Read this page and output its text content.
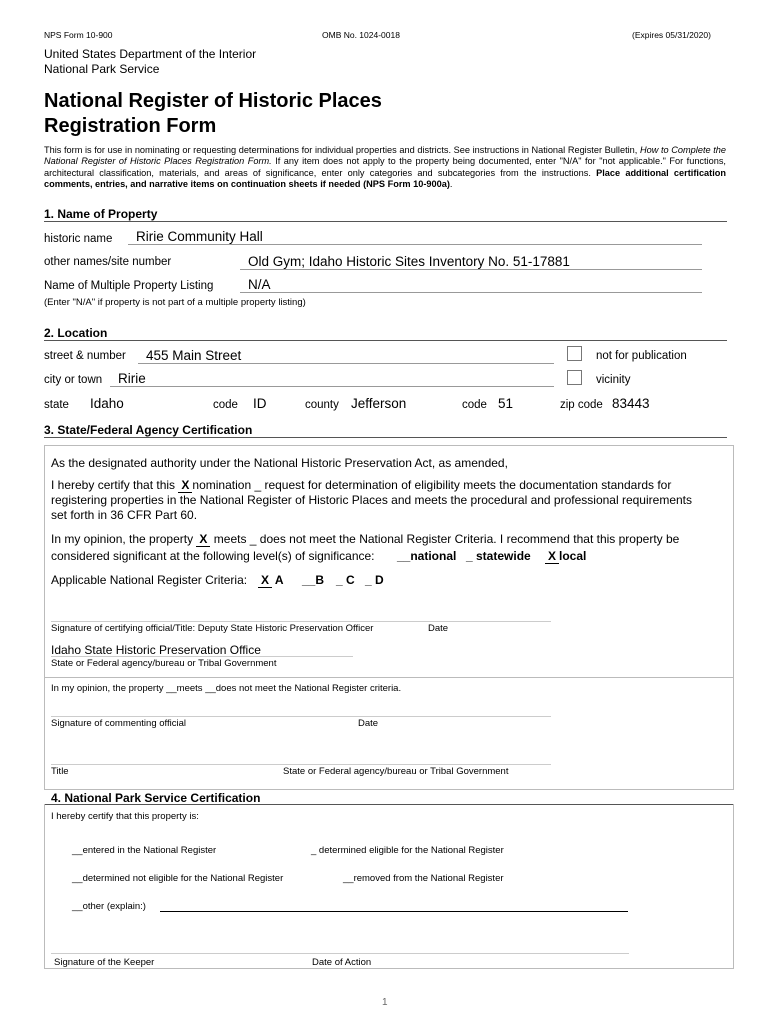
NPS Form 10-900	OMB No. 1024-0018	(Expires 05/31/2020)
United States Department of the Interior
National Park Service
National Register of Historic Places
Registration Form
This form is for use in nominating or requesting determinations for individual properties and districts. See instructions in National Register Bulletin, How to Complete the National Register of Historic Places Registration Form. If any item does not apply to the property being documented, enter "N/A" for "not applicable." For functions, architectural classification, materials, and areas of significance, enter only categories and subcategories from the instructions. Place additional certification comments, entries, and narrative items on continuation sheets if needed (NPS Form 10-900a).
1. Name of Property
historic name Ririe Community Hall
other names/site number	Old Gym; Idaho Historic Sites Inventory No. 51-17881
Name of Multiple Property Listing	N/A
(Enter "N/A" if property is not part of a multiple property listing)
2. Location
street & number 455 Main Street	not for publication
city or town Ririe	vicinity
state Idaho	code ID	county Jefferson	code 51	zip code 83443
3. State/Federal Agency Certification
As the designated authority under the National Historic Preservation Act, as amended,
I hereby certify that this X nomination _ request for determination of eligibility meets the documentation standards for
registering properties in the National Register of Historic Places and meets the procedural and professional requirements
set forth in 36 CFR Part 60.
In my opinion, the property X meets _ does not meet the National Register Criteria. I recommend that this property be
considered significant at the following level(s) of significance: __national _ statewide X local
Applicable National Register Criteria: X A __B _ C _ D
Signature of certifying official/Title: Deputy State Historic Preservation Officer	Date
Idaho State Historic Preservation Office
State or Federal agency/bureau or Tribal Government
In my opinion, the property __meets __does not meet the National Register criteria.
Signature of commenting official	Date
Title	State or Federal agency/bureau or Tribal Government
4. National Park Service Certification
I hereby certify that this property is:
__entered in the National Register	_ determined eligible for the National Register
__determined not eligible for the National Register	__removed from the National Register
__other (explain:)
Signature of the Keeper	Date of Action
1
